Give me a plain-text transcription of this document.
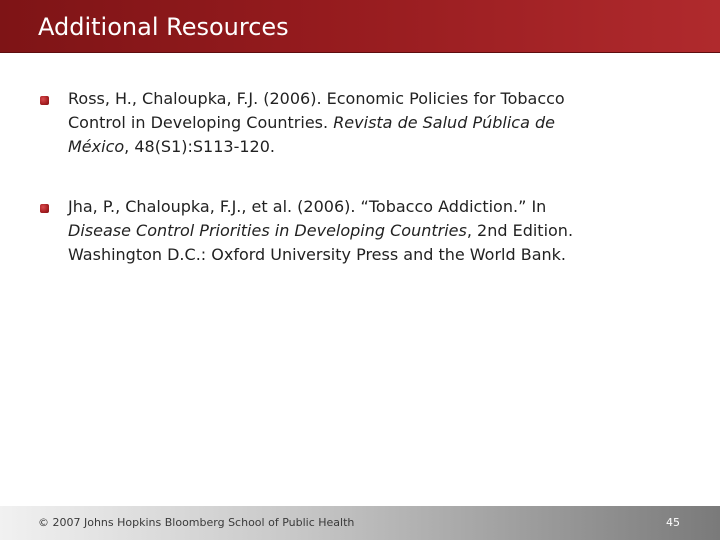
Additional Resources
Ross, H., Chaloupka, F.J. (2006). Economic Policies for Tobacco
Control in Developing Countries. Revista de Salud Pública de
México, 48(S1):S113-120.
Jha, P., Chaloupka, F.J., et al. (2006). “Tobacco Addiction.” In
Disease Control Priorities in Developing Countries, 2nd Edition.
Washington D.C.: Oxford University Press and the World Bank.
© 2007 Johns Hopkins Bloomberg School of Public Health	45
